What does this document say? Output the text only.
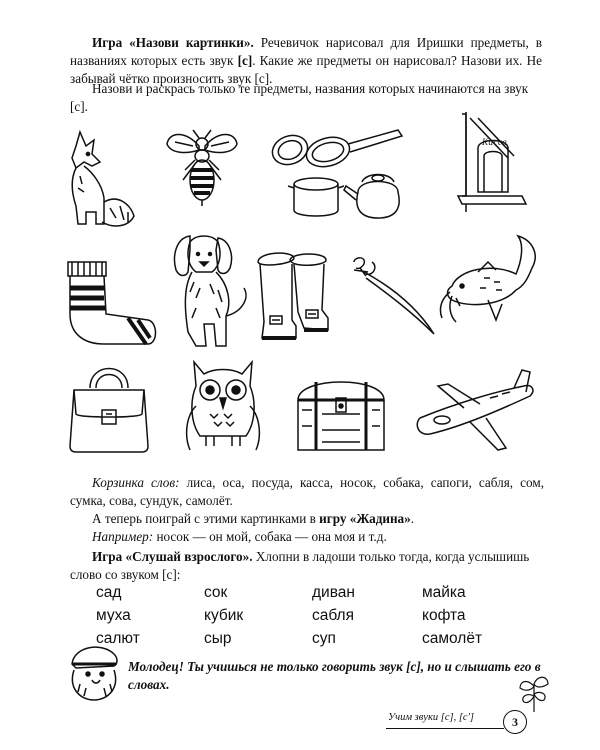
Игра «Назови картинки». Речевичок нарисовал для Иришки предметы, в названиях которых есть звук [с]. Какие же предметы он нарисовал? Назови их. Не забывай чётко произносить звук [с].

Назови и раскрась только те предметы, названия которых начинаются на звук [с].

Касса

Корзинка слов: лиса, оса, посуда, касса, носок, собака, сапоги, сабля, сом, сумка, сова, сундук, самолёт.

А теперь поиграй с этими картинками в игру «Жадина».

Например: носок — он мой, собака — она моя и т.д.

Игра «Слушай взрослого». Хлопни в ладоши только тогда, когда услышишь слово со звуком [с]:

сад
муха
салют
сок
кубик
сыр
диван
сабля
суп
майка
кофта
самолёт

Молодец! Ты учишься не только говорить звук [с], но и слышать его в словах.

Учим звуки [с], [с']	3
